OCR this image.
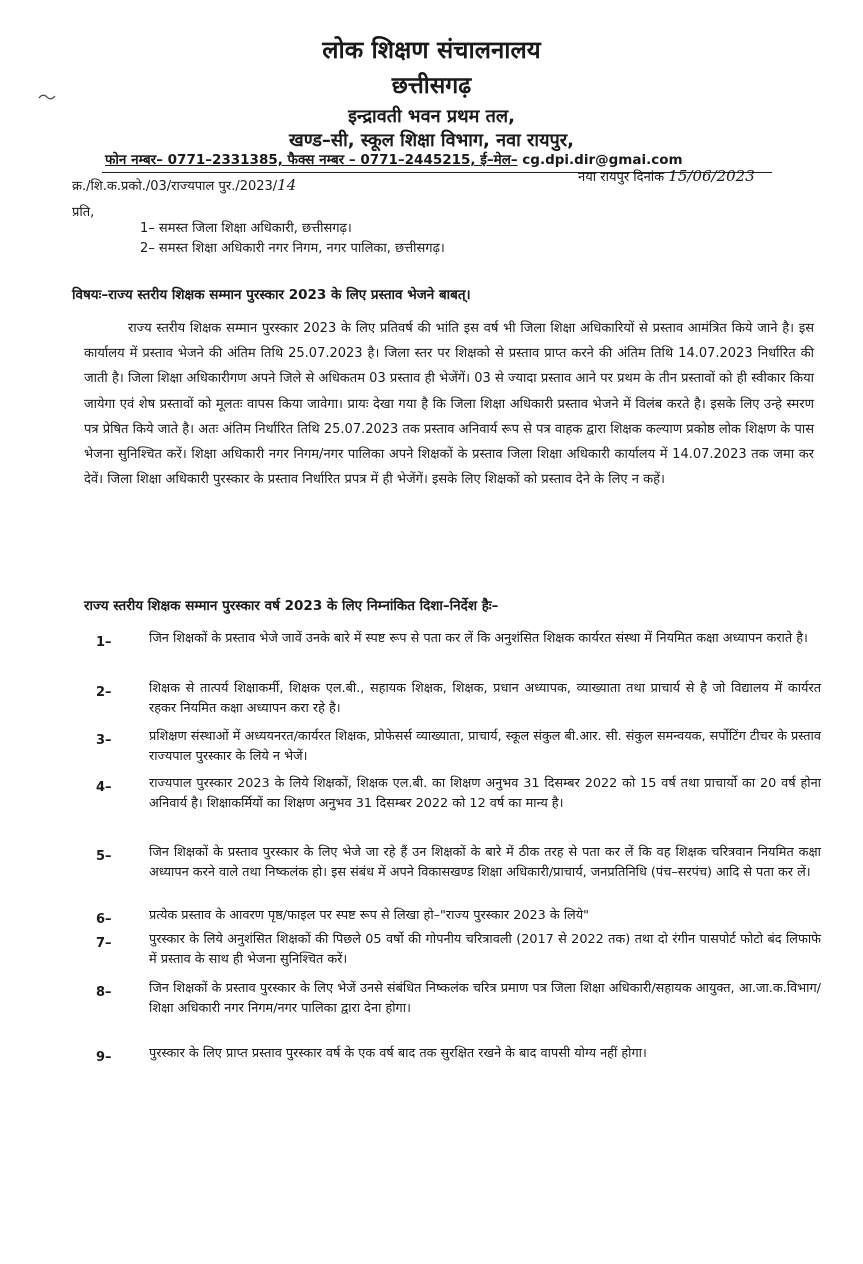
लोक शिक्षण संचालनालय
छत्तीसगढ़
इन्द्रावती भवन प्रथम तल,
खण्ड–सी, स्कूल शिक्षा विभाग, नवा रायपुर,
फोन नम्बर– 0771–2331385, फैक्स नम्बर – 0771–2445215, ई–मेल– cg.dpi.dir@gmai.com
क्र./शि.क.प्रको./03/राज्यपाल पुर./2023/14	नया रायपुर दिनांक 15/06/2023
प्रति,
1– समस्त जिला शिक्षा अधिकारी, छत्तीसगढ़।
2– समस्त शिक्षा अधिकारी नगर निगम, नगर पालिका, छत्तीसगढ़।
विषयः–राज्य स्तरीय शिक्षक सम्मान पुरस्कार 2023 के लिए प्रस्ताव भेजने बाबत्।

राज्य स्तरीय शिक्षक सम्मान पुरस्कार 2023 के लिए प्रतिवर्ष की भांति इस वर्ष भी जिला शिक्षा अधिकारियों से प्रस्ताव आमंत्रित किये जाने है। इस कार्यालय में प्रस्ताव भेजने की अंतिम तिथि 25.07.2023 है। जिला स्तर पर शिक्षको से प्रस्ताव प्राप्त करने की अंतिम तिथि 14.07.2023 निर्धारित की जाती है। जिला शिक्षा अधिकारीगण अपने जिले से अधिकतम 03 प्रस्ताव ही भेजेंगें। 03 से ज्यादा प्रस्ताव आने पर प्रथम के तीन प्रस्तावों को ही स्वीकार किया जायेगा एवं शेष प्रस्तावों को मूलतः वापस किया जावेगा। प्रायः देखा गया है कि जिला शिक्षा अधिकारी प्रस्ताव भेजने में विलंब करते है। इसके लिए उन्हे स्मरण पत्र प्रेषित किये जाते है। अतः अंतिम निर्धारित तिथि 25.07.2023 तक प्रस्ताव अनिवार्य रूप से पत्र वाहक द्वारा शिक्षक कल्याण प्रकोष्ठ लोक शिक्षण के पास भेजना सुनिश्चित करें। शिक्षा अधिकारी नगर निगम/नगर पालिका अपने शिक्षकों के प्रस्ताव जिला शिक्षा अधिकारी कार्यालय में 14.07.2023 तक जमा कर देवें। जिला शिक्षा अधिकारी पुरस्कार के प्रस्ताव निर्धारित प्रपत्र में ही भेजेंगें। इसके लिए शिक्षकों को प्रस्ताव देने के लिए न कहें।

राज्य स्तरीय शिक्षक सम्मान पुरस्कार वर्ष 2023 के लिए निम्नांकित दिशा–निर्देश हैः–
1–	जिन शिक्षकों के प्रस्ताव भेजे जावें उनके बारे में स्पष्ट रूप से पता कर लें कि अनुशंसित शिक्षक कार्यरत संस्था में नियमित कक्षा अध्यापन कराते है।

2–	शिक्षक से तात्पर्य शिक्षाकर्मी, शिक्षक एल.बी., सहायक शिक्षक, शिक्षक, प्रधान अध्यापक, व्याख्याता तथा प्राचार्य से है जो विद्यालय में कार्यरत रहकर नियमित कक्षा अध्यापन करा रहे है।

3–	प्रशिक्षण संस्थाओं में अध्ययनरत/कार्यरत शिक्षक, प्रोफेसर्स व्याख्याता, प्राचार्य, स्कूल संकुल बी.आर. सी. संकुल समन्वयक, सर्पोटिंग टीचर के प्रस्ताव राज्यपाल पुरस्कार के लिये न भेजें।

4–	राज्यपाल पुरस्कार 2023 के लिये शिक्षकों, शिक्षक एल.बी. का शिक्षण अनुभव 31 दिसम्बर 2022 को 15 वर्ष तथा प्राचार्यो का 20 वर्ष होना अनिवार्य है। शिक्षाकर्मियों का शिक्षण अनुभव 31 दिसम्बर 2022 को 12 वर्ष का मान्य है।

5–	जिन शिक्षकों के प्रस्ताव पुरस्कार के लिए भेजे जा रहे हैं उन शिक्षकों के बारे में ठीक तरह से पता कर लें कि वह शिक्षक चरित्रवान नियमित कक्षा अध्यापन करने वाले तथा निष्कलंक हो। इस संबंध में अपने विकासखण्ड शिक्षा अधिकारी/प्राचार्य, जनप्रतिनिधि (पंच–सरपंच) आदि से पता कर लें।

6–	प्रत्येक प्रस्ताव के आवरण पृष्ठ/फाइल पर स्पष्ट रूप से लिखा हो–"राज्य पुरस्कार 2023 के लिये"

7–	पुरस्कार के लिये अनुशंसित शिक्षकों की पिछले 05 वर्षो की गोपनीय चरित्रावली (2017 से 2022 तक) तथा दो रंगीन पासपोर्ट फोटो बंद लिफाफे में प्रस्ताव के साथ ही भेजना सुनिश्चित करें।

8–	जिन शिक्षकों के प्रस्ताव पुरस्कार के लिए भेजें उनसे संबंधित निष्कलंक चरित्र प्रमाण पत्र जिला शिक्षा अधिकारी/सहायक आयुक्त, आ.जा.क.विभाग/शिक्षा अधिकारी नगर निगम/नगर पालिका द्वारा देना होगा।

9–	पुरस्कार के लिए प्राप्त प्रस्ताव पुरस्कार वर्ष के एक वर्ष बाद तक सुरक्षित रखने के बाद वापसी योग्य नहीं होगा।
